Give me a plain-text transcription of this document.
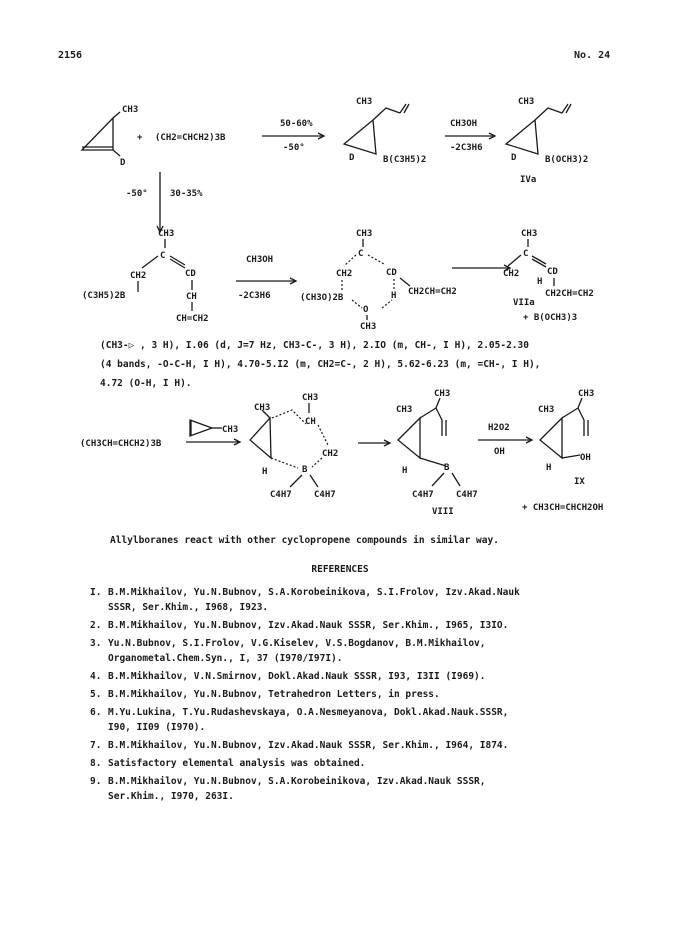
2156	No. 24
CH3
D
+ (CH2=CHCH2)3B
50-60%
-50°
CH3
D	B(C3H5)2
CH3OH
-2C3H6
CH3
D	B(OCH3)2
IVa
-50° 30-35%
CH3
C
CH2	CD
(C3H5)2B	CH
CH=CH2
CH3OH
-2C3H6
CH3
C
CH2	CD
(CH3O)2B
O
H CH2CH=CH2
CH3
CH3
C
CH2
H
CD
CH2CH=CH2
VIIa
+ B(OCH3)3
(CH3CH=CHCH2)3B
CH3
CH3
CH3
CH
CH2
H	B
C4H7 C4H7
CH3
CH3
H	B
C4H7 C4H7
VIII
H2O2
OH
CH3
CH3
H
OH
IX
+ CH3CH=CHCH2OH
(CH3-▷ , 3 H), I.06 (d, J=7 Hz, CH3-C-, 3 H), 2.IO (m, CH-, I H), 2.05-2.30
(4 bands, -O-C-H, I H), 4.70-5.I2 (m, CH2=C-, 2 H), 5.62-6.23 (m, =CH-, I H),
4.72 (O-H, I H).
Allylboranes react with other cyclopropene compounds in similar way.
REFERENCES
I. B.M.Mikhailov, Yu.N.Bubnov, S.A.Korobeinikova, S.I.Frolov, Izv.Akad.Nauk
SSSR, Ser.Khim., I968, I923.
2. B.M.Mikhailov, Yu.N.Bubnov, Izv.Akad.Nauk SSSR, Ser.Khim., I965, I3IO.
3. Yu.N.Bubnov, S.I.Frolov, V.G.Kiselev, V.S.Bogdanov, B.M.Mikhailov,
Organometal.Chem.Syn., I, 37 (I970/I97I).
4. B.M.Mikhailov, V.N.Smirnov, Dokl.Akad.Nauk SSSR, I93, I3II (I969).
5. B.M.Mikhailov, Yu.N.Bubnov, Tetrahedron Letters, in press.
6. M.Yu.Lukina, T.Yu.Rudashevskaya, O.A.Nesmeyanova, Dokl.Akad.Nauk.SSSR,
I90, II09 (I970).
7. B.M.Mikhailov, Yu.N.Bubnov, Izv.Akad.Nauk SSSR, Ser.Khim., I964, I874.
8. Satisfactory elemental analysis was obtained.
9. B.M.Mikhailov, Yu.N.Bubnov, S.A.Korobeinikova, Izv.Akad.Nauk SSSR,
Ser.Khim., I970, 263I.
